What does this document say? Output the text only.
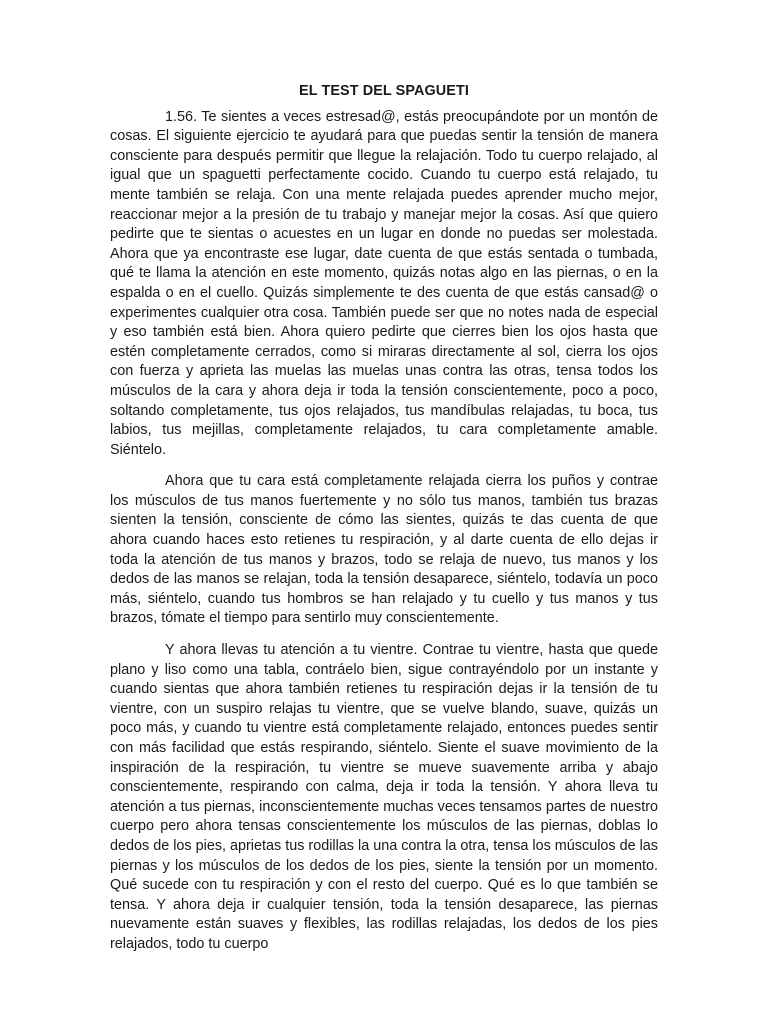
EL TEST DEL SPAGUETI

1.56. Te sientes a veces estresad@, estás preocupándote por un montón de cosas. El siguiente ejercicio te ayudará para que puedas sentir la tensión de manera consciente para después permitir que llegue la relajación. Todo tu cuerpo relajado, al igual que un spaguetti perfectamente cocido. Cuando tu cuerpo está relajado, tu mente también se relaja. Con una mente relajada puedes aprender mucho mejor, reaccionar mejor a la presión de tu trabajo y manejar mejor la cosas. Así que quiero pedirte que te sientas o acuestes en un lugar en donde no puedas ser molestada. Ahora que ya encontraste ese lugar, date cuenta de que estás sentada o tumbada, qué te llama la atención en este momento, quizás notas algo en las piernas, o en la espalda o en el cuello. Quizás simplemente te des cuenta de que estás cansad@ o experimentes cualquier otra cosa. También puede ser que no notes nada de especial y eso también está bien. Ahora quiero pedirte que cierres bien los ojos hasta que estén completamente cerrados, como si miraras directamente al sol, cierra los ojos con fuerza y aprieta las muelas las muelas unas contra las otras, tensa todos los músculos de la cara y ahora deja ir toda la tensión conscientemente, poco a poco, soltando completamente, tus ojos relajados, tus mandíbulas relajadas, tu boca, tus labios, tus mejillas, completamente relajados, tu cara completamente amable. Siéntelo.

Ahora que tu cara está completamente relajada cierra los puños y contrae los músculos de tus manos fuertemente y no sólo tus manos, también tus brazas sienten la tensión, consciente de cómo las sientes, quizás te das cuenta de que ahora cuando haces esto retienes tu respiración, y al darte cuenta de ello dejas ir toda la atención de tus manos y brazos, todo se relaja de nuevo, tus manos y los dedos de las manos se relajan, toda la tensión desaparece, siéntelo, todavía un poco más, siéntelo, cuando tus hombros se han relajado y tu cuello y tus manos y tus brazos, tómate el tiempo para sentirlo muy conscientemente.

Y ahora llevas tu atención a tu vientre. Contrae tu vientre, hasta que quede plano y liso como una tabla, contráelo bien, sigue contrayéndolo por un instante y cuando sientas que ahora también retienes tu respiración dejas ir la tensión de tu vientre, con un suspiro relajas tu vientre, que se vuelve blando, suave, quizás un poco más, y cuando tu vientre está completamente relajado, entonces puedes sentir con más facilidad que estás respirando, siéntelo. Siente el suave movimiento de la inspiración de la respiración, tu vientre se mueve suavemente arriba y abajo conscientemente, respirando con calma, deja ir toda la tensión. Y ahora lleva tu atención a tus piernas, inconscientemente muchas veces tensamos partes de nuestro cuerpo pero ahora tensas conscientemente los músculos de las piernas, doblas lo dedos de los pies, aprietas tus rodillas la una contra la otra, tensa los músculos de las piernas y los músculos de los dedos de los pies, siente la tensión por un momento. Qué sucede con tu respiración y con el resto del cuerpo. Qué es lo que también se tensa. Y ahora deja ir cualquier tensión, toda la tensión desaparece, las piernas nuevamente están suaves y flexibles, las rodillas relajadas, los dedos de los pies relajados, todo tu cuerpo
